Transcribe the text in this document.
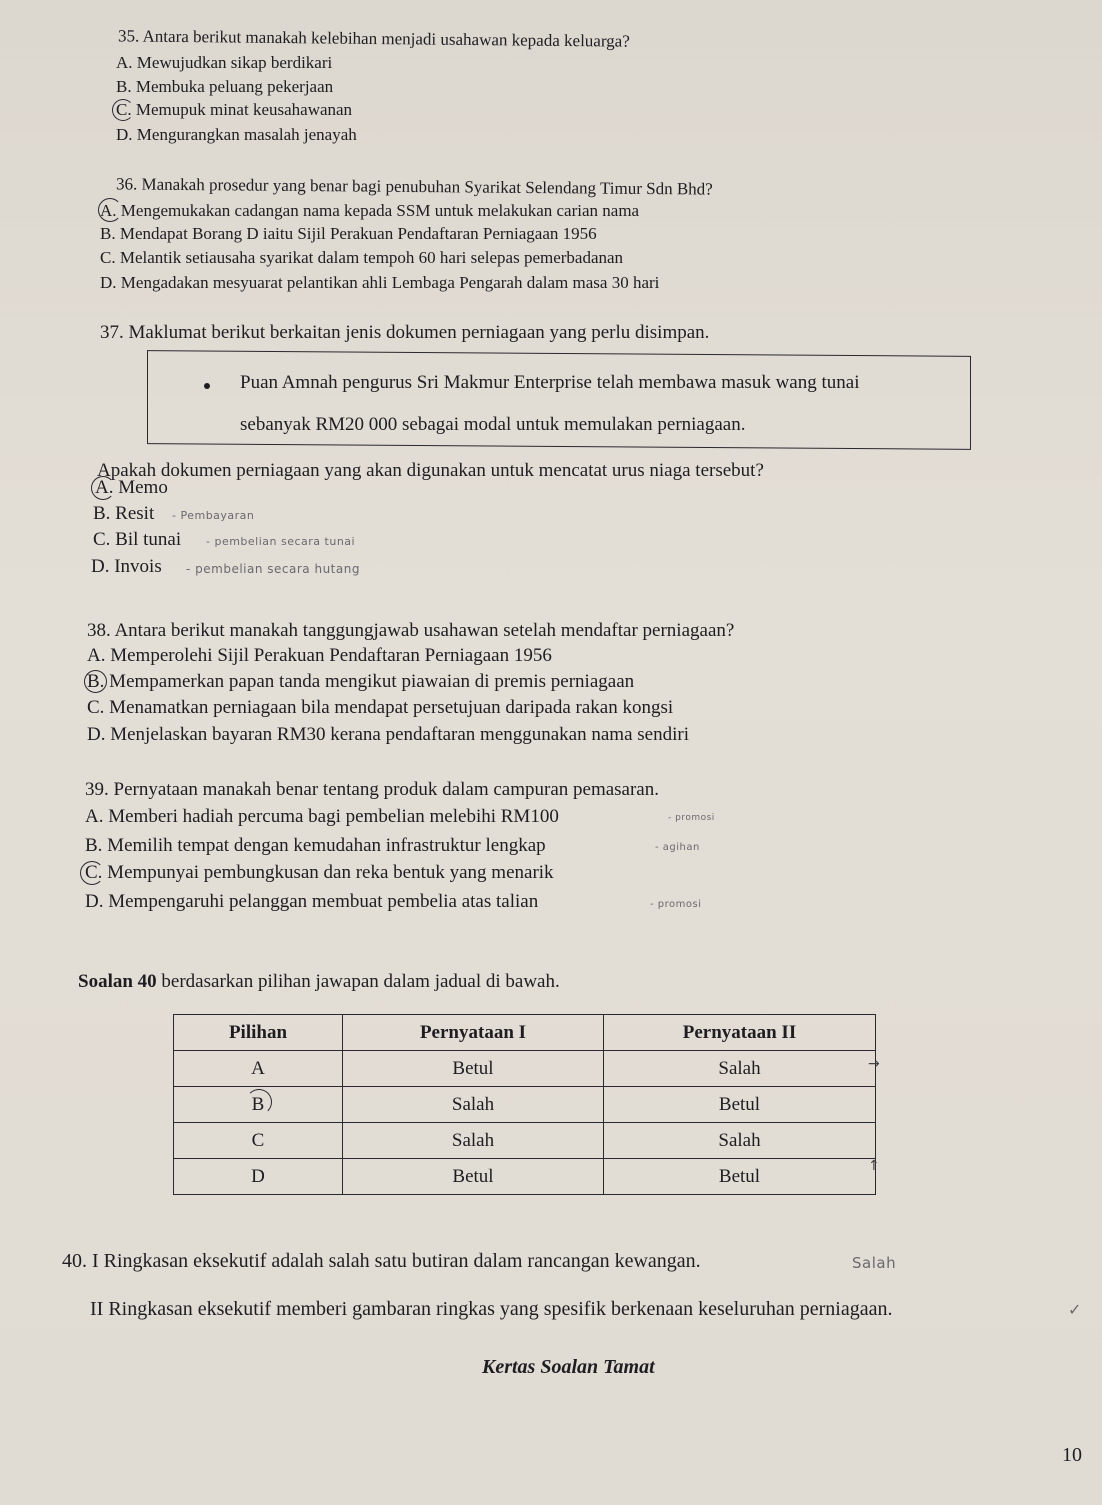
35. Antara berikut manakah kelebihan menjadi usahawan kepada keluarga?
A. Mewujudkan sikap berdikari
B. Membuka peluang pekerjaan
C. Memupuk minat keusahawanan
D. Mengurangkan masalah jenayah
36. Manakah prosedur yang benar bagi penubuhan Syarikat Selendang Timur Sdn Bhd?
A. Mengemukakan cadangan nama kepada SSM untuk melakukan carian nama
B. Mendapat Borang D iaitu Sijil Perakuan Pendaftaran Perniagaan 1956
C. Melantik setiausaha syarikat dalam tempoh 60 hari selepas pemerbadanan
D. Mengadakan mesyuarat pelantikan ahli Lembaga Pengarah dalam masa 30 hari
37. Maklumat berikut berkaitan jenis dokumen perniagaan yang perlu disimpan.
Puan Amnah pengurus Sri Makmur Enterprise telah membawa masuk wang tunai
sebanyak RM20 000 sebagai modal untuk memulakan perniagaan.
Apakah dokumen perniagaan yang akan digunakan untuk mencatat urus niaga tersebut?
A. Memo
B. Resit - Pembayaran
C. Bil tunai - pembelian secara tunai
D. Invois - pembelian secara hutang
38. Antara berikut manakah tanggungjawab usahawan setelah mendaftar perniagaan?
A. Memperolehi Sijil Perakuan Pendaftaran Perniagaan 1956
B. Mempamerkan papan tanda mengikut piawaian di premis perniagaan
C. Menamatkan perniagaan bila mendapat persetujuan daripada rakan kongsi
D. Menjelaskan bayaran RM30 kerana pendaftaran menggunakan nama sendiri
39. Pernyataan manakah benar tentang produk dalam campuran pemasaran.
A. Memberi hadiah percuma bagi pembelian melebihi RM100	- promosi
B. Memilih tempat dengan kemudahan infrastruktur lengkap	- agihan
C. Mempunyai pembungkusan dan reka bentuk yang menarik
D. Mempengaruhi pelanggan membuat pembelia atas talian	- promosi
Soalan 40 berdasarkan pilihan jawapan dalam jadual di bawah.
Pilihan	Pernyataan I	Pernyataan II
A	Betul	Salah
B	Salah	Betul
C	Salah	Salah
D	Betul	Betul
→
↑
40. I Ringkasan eksekutif adalah salah satu butiran dalam rancangan kewangan.	Salah
II Ringkasan eksekutif memberi gambaran ringkas yang spesifik berkenaan keseluruhan perniagaan.	✓
Kertas Soalan Tamat
10
